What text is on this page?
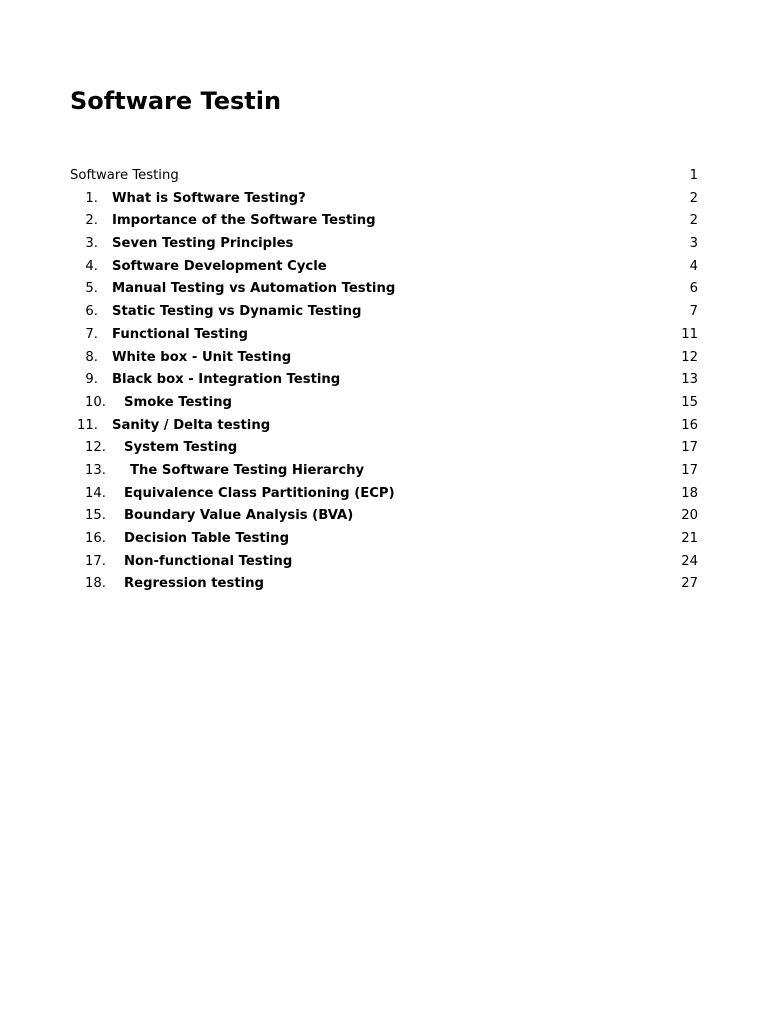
Software Testin
Software Testing	1
1.	What is Software Testing?	2
2.	Importance of the Software Testing	2
3.	Seven Testing Principles	3
4.	Software Development Cycle	4
5.	Manual Testing vs Automation Testing	6
6.	Static Testing vs Dynamic Testing	7
7.	Functional Testing	11
8.	White box - Unit Testing	12
9.	Black box - Integration Testing	13
10.	Smoke Testing	15
11.	Sanity / Delta testing	16
12.	System Testing	17
13.	The Software Testing Hierarchy	17
14.	Equivalence Class Partitioning (ECP)	18
15.	Boundary Value Analysis (BVA)	20
16.	Decision Table Testing	21
17.	Non-functional Testing	24
18.	Regression testing	27
